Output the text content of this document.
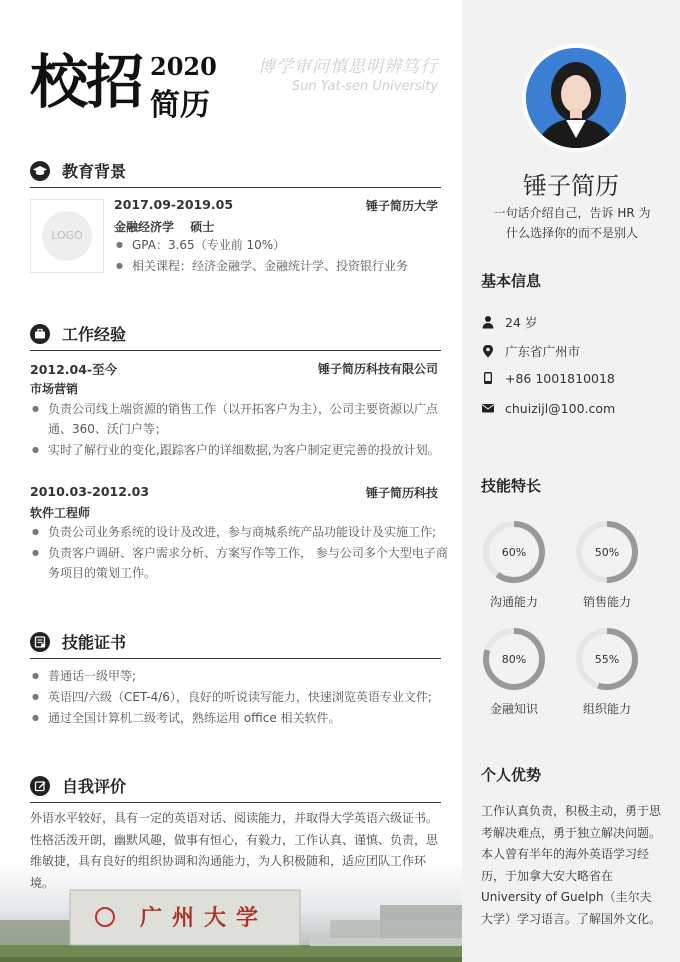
校招 2020
简历
博学审问慎思明辨笃行
Sun Yat-sen University
教育背景
LOGO
2017.09-2019.05	锤子简历大学
金融经济学 硕士
● GPA：3.65（专业前 10%）
● 相关课程：经济金融学、金融统计学、投资银行业务
工作经验
2012.04-至今	锤子简历科技有限公司
市场营销
● 负责公司线上端资源的销售工作（以开拓客户为主），公司主要资源以广点通、360、沃门户等；
● 实时了解行业的变化,跟踪客户的详细数据,为客户制定更完善的投放计划。
2010.03-2012.03	锤子简历科技
软件工程师
● 负责公司业务系统的设计及改进，参与商城系统产品功能设计及实施工作;
● 负责客户调研、客户需求分析、方案写作等工作， 参与公司多个大型电子商务项目的策划工作。
技能证书
● 普通话一级甲等;
● 英语四/六级（CET-4/6），良好的听说读写能力，快速浏览英语专业文件;
● 通过全国计算机二级考试，熟练运用 office 相关软件。
广州大学
自我评价
外语水平较好，具有一定的英语对话、阅读能力，并取得大学英语六级证书。性格活泼开朗，幽默风趣，做事有恒心，有毅力，工作认真、谨慎、负责，思维敏捷，具有良好的组织协调和沟通能力，为人积极随和，适应团队工作环境。
锤子简历
一句话介绍自己，告诉 HR 为什么选择你的而不是别人
基本信息
24 岁
广东省广州市
+86 1001810018
chuizijl@100.com
技能特长
60%
沟通能力
50%
销售能力
80%
金融知识
55%
组织能力
个人优势
工作认真负责，积极主动，勇于思考解决难点，勇于独立解决问题。本人曾有半年的海外英语学习经历，于加拿大安大略省在 University of Guelph（圭尔夫大学）学习语言。了解国外文化。
